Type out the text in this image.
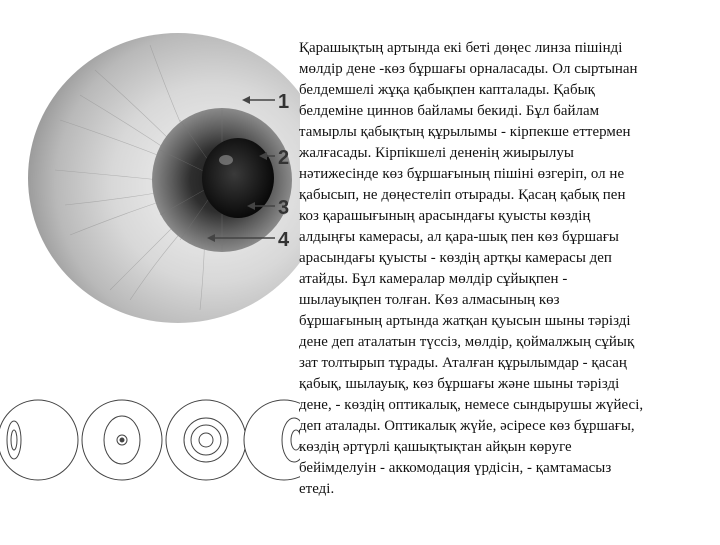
1
2
3
4
Қарашықтың артында екі беті дөңес линза пішінді
мөлдір дене -көз бұршағы орналасады. Ол сыртынан
белдемшелі жұқа қабықпен капталады. Қабық
белдеміне циннов байламы бекиді. Бұл байлам
тамырлы қабықтың құрылымы - кірпекше еттермен
жалғасады. Кірпікшелі дененің жиырылуы
нәтижесінде көз бұршағының пішіні өзгеріп, ол не
қабысып, не дөңестеліп отырады. Қасаң қабық пен
коз қарашығының арасындағы қуысты көздің
алдыңғы камерасы, ал қара-шық пен көз бұршағы
арасындағы қуысты - көздің артқы камерасы деп
атайды. Бұл камералар мөлдір сұйықпен -
шылауықпен толған. Көз алмасының көз
бұршағының артында жатқан қуысын шыны тәрізді
дене деп аталатын түссіз, мөлдір, қоймалжың сұйық
зат толтырып тұрады. Аталған құрылымдар - қасаң
қабық, шылауық, көз бұршағы және шыны тәрізді
дене, - көздің оптикалық, немесе сындырушы жүйесі,
деп аталады. Оптикалық жүйе, әсіресе көз бұршағы,
көздің әртүрлі қашықтықтан айқын көруге
бейімделуін - аккомодация үрдісін, - қамтамасыз
етеді.
